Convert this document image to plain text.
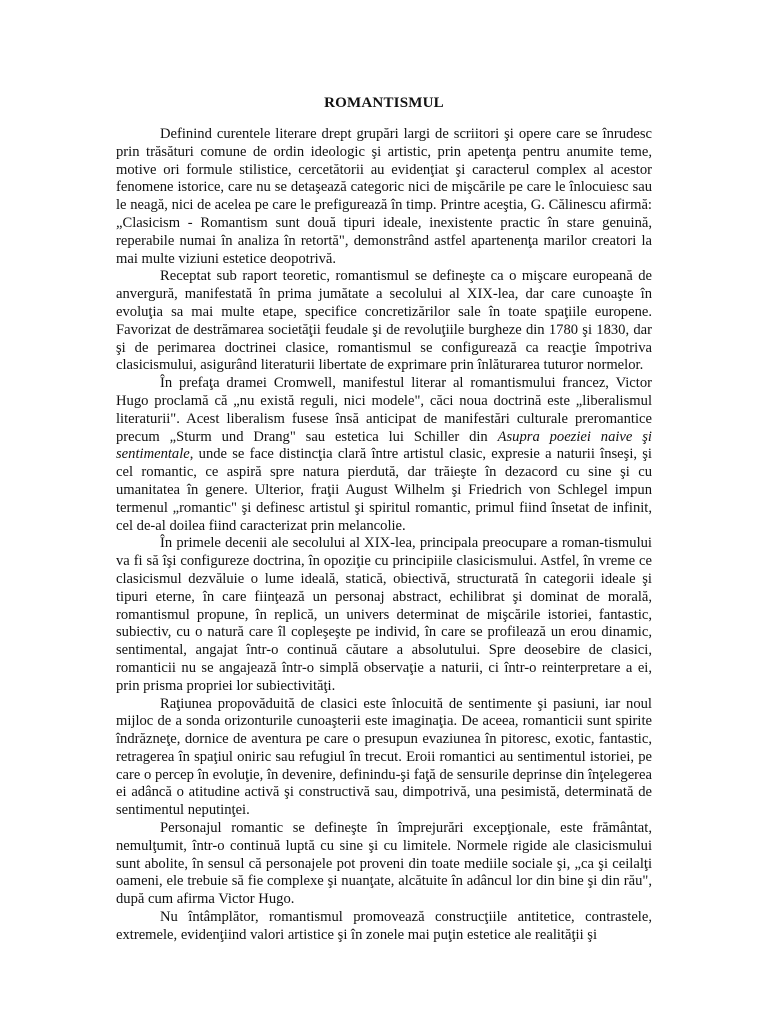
ROMANTISMUL

Definind curentele literare drept grupări largi de scriitori şi opere care se înrudesc prin trăsături comune de ordin ideologic şi artistic, prin apetenţa pentru anumite teme, motive ori formule stilistice, cercetătorii au evidenţiat şi caracterul complex al acestor fenomene istorice, care nu se detaşează categoric nici de mişcările pe care le înlocuiesc sau le neagă, nici de acelea pe care le prefigurează în timp. Printre aceştia, G. Călinescu afirmă: „Clasicism - Romantism sunt două tipuri ideale, inexistente practic în stare genuină, reperabile numai în analiza în retortă", demonstrând astfel apartenenţa marilor creatori la mai multe viziuni estetice deopotrivă.

Receptat sub raport teoretic, romantismul se defineşte ca o mişcare europeană de anvergură, manifestată în prima jumătate a secolului al XIX-lea, dar care cunoaşte în evoluţia sa mai multe etape, specifice concretizărilor sale în toate spaţiile europene. Favorizat de destrămarea societăţii feudale şi de revoluţiile burgheze din 1780 şi 1830, dar şi de perimarea doctrinei clasice, romantismul se configurează ca reacţie împotriva clasicismului, asigurând literaturii libertate de exprimare prin înlăturarea tuturor normelor.

În prefaţa dramei Cromwell, manifestul literar al romantismului francez, Victor Hugo proclamă că „nu există reguli, nici modele", căci noua doctrină este „liberalismul literaturii". Acest liberalism fusese însă anticipat de manifestări culturale preromantice precum „Sturm und Drang" sau estetica lui Schiller din Asupra poeziei naive şi sentimentale, unde se face distincţia clară între artistul clasic, expresie a naturii înseşi, şi cel romantic, ce aspiră spre natura pierdută, dar trăieşte în dezacord cu sine şi cu umanitatea în genere. Ulterior, fraţii August Wilhelm şi Friedrich von Schlegel impun termenul „romantic" şi definesc artistul şi spiritul romantic, primul fiind însetat de infinit, cel de-al doilea fiind caracterizat prin melancolie.

În primele decenii ale secolului al XIX-lea, principala preocupare a roman-tismului va fi să îşi configureze doctrina, în opoziţie cu principiile clasicismului. Astfel, în vreme ce clasicismul dezvăluie o lume ideală, statică, obiectivă, structurată în categorii ideale şi tipuri eterne, în care fiinţează un personaj abstract, echilibrat şi dominat de morală, romantismul propune, în replică, un univers determinat de mişcările istoriei, fantastic, subiectiv, cu o natură care îl copleşeşte pe individ, în care se profilează un erou dinamic, sentimental, angajat într-o continuă căutare a absolutului. Spre deosebire de clasici, romanticii nu se angajează într-o simplă observaţie a naturii, ci într-o reinterpretare a ei, prin prisma propriei lor subiectivităţi.

Raţiunea propovăduită de clasici este înlocuită de sentimente şi pasiuni, iar noul mijloc de a sonda orizonturile cunoaşterii este imaginaţia. De aceea, romanticii sunt spirite îndrăzneţe, dornice de aventura pe care o presupun evaziunea în pitoresc, exotic, fantastic, retragerea în spaţiul oniric sau refugiul în trecut. Eroii romantici au sentimentul istoriei, pe care o percep în evoluţie, în devenire, definindu-şi faţă de sensurile deprinse din înţelegerea ei adâncă o atitudine activă şi constructivă sau, dimpotrivă, una pesimistă, determinată de sentimentul neputinţei.

Personajul romantic se defineşte în împrejurări excepţionale, este frământat, nemulţumit, într-o continuă luptă cu sine şi cu limitele. Normele rigide ale clasicismului sunt abolite, în sensul că personajele pot proveni din toate mediile sociale şi, „ca şi ceilalţi oameni, ele trebuie să fie complexe şi nuanţate, alcătuite în adâncul lor din bine şi din rău", după cum afirma Victor Hugo.

Nu întâmplător, romantismul promovează construcţiile antitetice, contrastele, extremele, evidenţiind valori artistice şi în zonele mai puţin estetice ale realităţii şi
